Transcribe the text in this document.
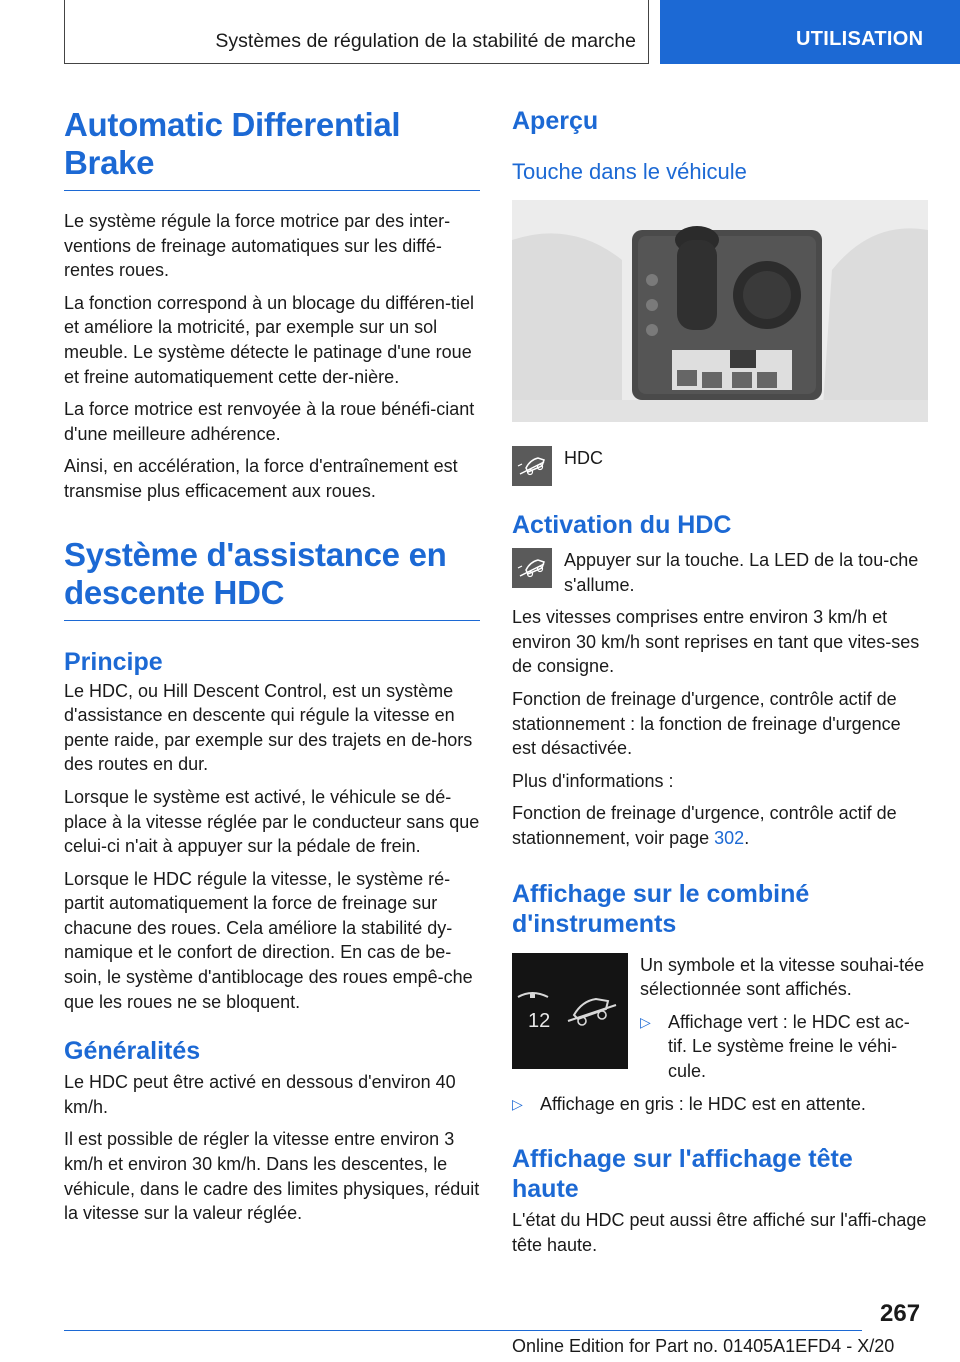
Systèmes de régulation de la stabilité de marche	UTILISATION
Automatic Differential
Brake

Le système régule la force motrice par des inter-ventions de freinage automatiques sur les diffé-rentes roues.

La fonction correspond à un blocage du différen-tiel et améliore la motricité, par exemple sur un sol meuble. Le système détecte le patinage d'une roue et freine automatiquement cette der-nière.

La force motrice est renvoyée à la roue bénéfi-ciant d'une meilleure adhérence.

Ainsi, en accélération, la force d'entraînement est transmise plus efficacement aux roues.

Système d'assistance en
descente HDC
Principe

Le HDC, ou Hill Descent Control, est un système d'assistance en descente qui régule la vitesse en pente raide, par exemple sur des trajets en de-hors des routes en dur.

Lorsque le système est activé, le véhicule se dé-place à la vitesse réglée par le conducteur sans que celui-ci n'ait à appuyer sur la pédale de frein.

Lorsque le HDC régule la vitesse, le système ré-partit automatiquement la force de freinage sur chacune des roues. Cela améliore la stabilité dy-namique et le confort de direction. En cas de be-soin, le système d'antiblocage des roues empê-che que les roues ne se bloquent.

Généralités

Le HDC peut être activé en dessous d'environ 40 km/h.

Il est possible de régler la vitesse entre environ 3 km/h et environ 30 km/h. Dans les descentes, le véhicule, dans le cadre des limites physiques, réduit la vitesse sur la valeur réglée.

Aperçu
Touche dans le véhicule
HDC
Activation du HDC
Appuyer sur la touche. La LED de la tou-che s'allume.

Les vitesses comprises entre environ 3 km/h et environ 30 km/h sont reprises en tant que vites-ses de consigne.

Fonction de freinage d'urgence, contrôle actif de stationnement : la fonction de freinage d'urgence est désactivée.

Plus d'informations :

Fonction de freinage d'urgence, contrôle actif de stationnement, voir page 302.

Affichage sur le combiné
d'instruments
12

Un symbole et la vitesse souhai-tée sélectionnée sont affichés.

▷ Affichage vert : le HDC est ac-tif. Le système freine le véhi-cule.
▷ Affichage en gris : le HDC est en attente.
Affichage sur l'affichage tête
haute

L'état du HDC peut aussi être affiché sur l'affi-chage tête haute.

267
Online Edition for Part no. 01405A1EFD4 - X/20
